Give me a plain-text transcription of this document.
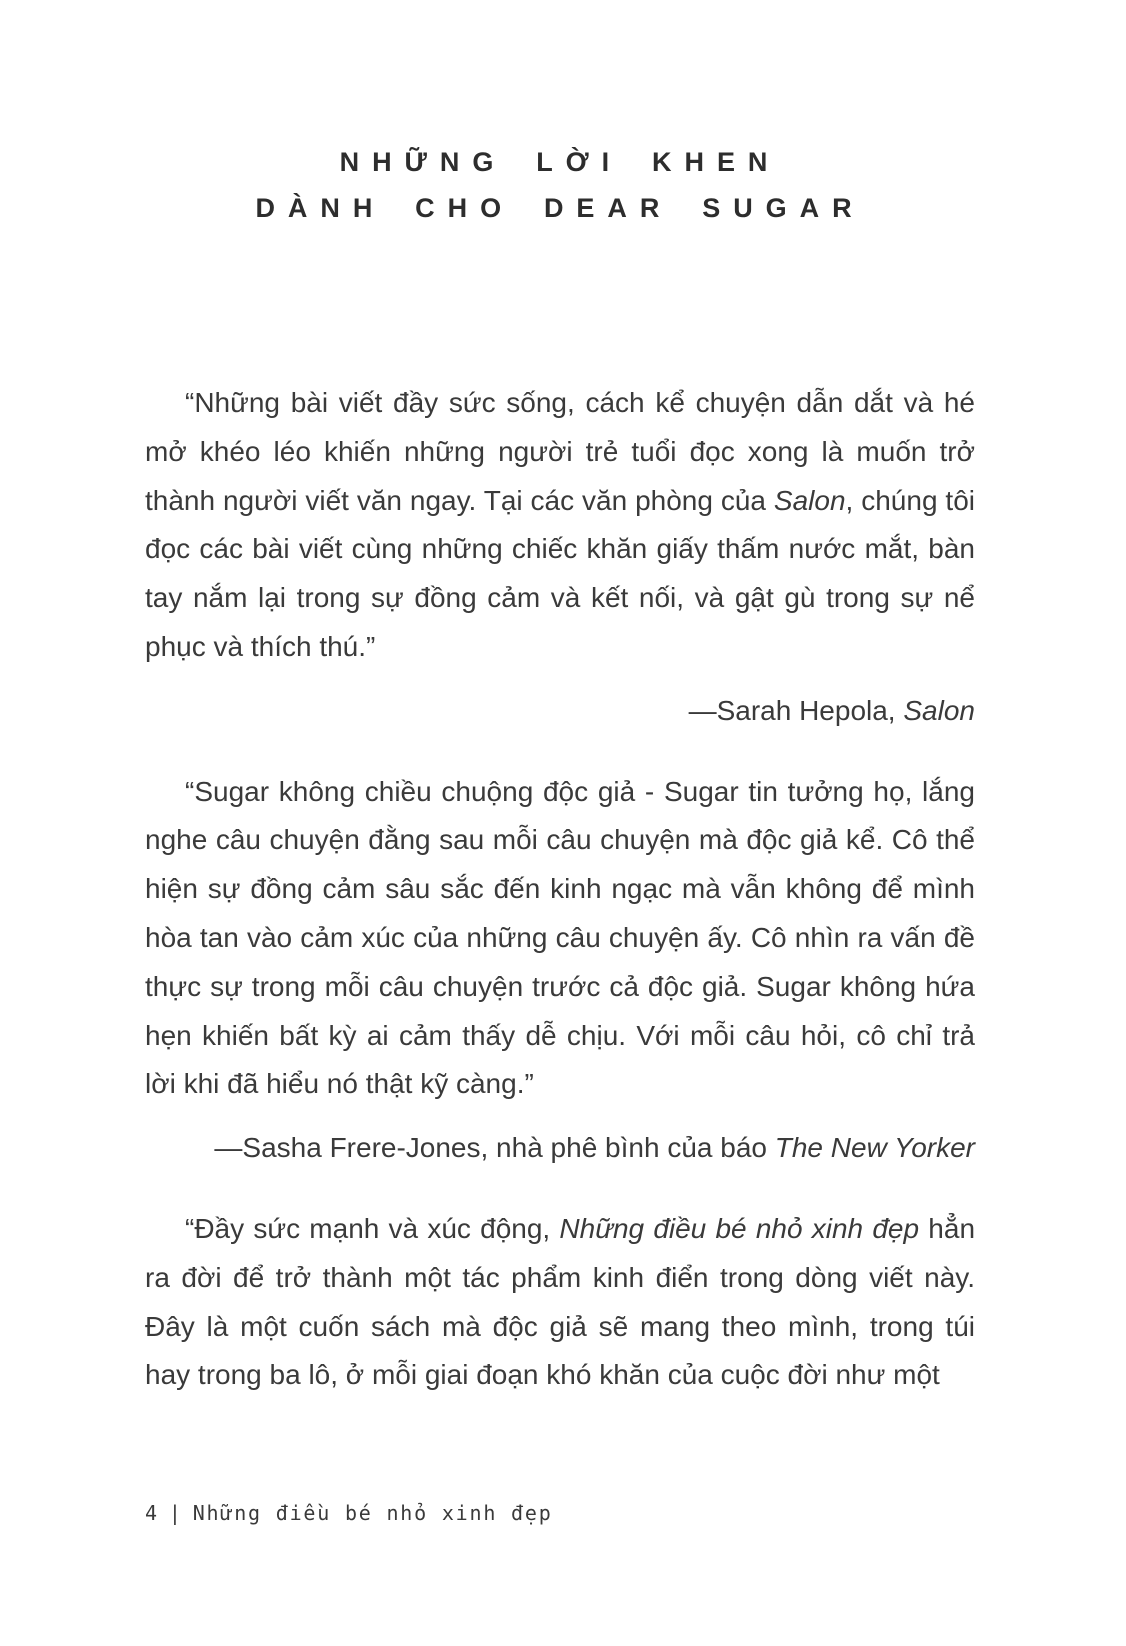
NHỮNG LỜI KHEN
DÀNH CHO DEAR SUGAR

“Những bài viết đầy sức sống, cách kể chuyện dẫn dắt và hé mở khéo léo khiến những người trẻ tuổi đọc xong là muốn trở thành người viết văn ngay. Tại các văn phòng của Salon, chúng tôi đọc các bài viết cùng những chiếc khăn giấy thấm nước mắt, bàn tay nắm lại trong sự đồng cảm và kết nối, và gật gù trong sự nể phục và thích thú.”

—Sarah Hepola, Salon

“Sugar không chiều chuộng độc giả - Sugar tin tưởng họ, lắng nghe câu chuyện đằng sau mỗi câu chuyện mà độc giả kể. Cô thể hiện sự đồng cảm sâu sắc đến kinh ngạc mà vẫn không để mình hòa tan vào cảm xúc của những câu chuyện ấy. Cô nhìn ra vấn đề thực sự trong mỗi câu chuyện trước cả độc giả. Sugar không hứa hẹn khiến bất kỳ ai cảm thấy dễ chịu. Với mỗi câu hỏi, cô chỉ trả lời khi đã hiểu nó thật kỹ càng.”

—Sasha Frere-Jones, nhà phê bình của báo The New Yorker

“Đầy sức mạnh và xúc động, Những điều bé nhỏ xinh đẹp hẳn ra đời để trở thành một tác phẩm kinh điển trong dòng viết này. Đây là một cuốn sách mà độc giả sẽ mang theo mình, trong túi hay trong ba lô, ở mỗi giai đoạn khó khăn của cuộc đời như một

4 | Những điều bé nhỏ xinh đẹp
